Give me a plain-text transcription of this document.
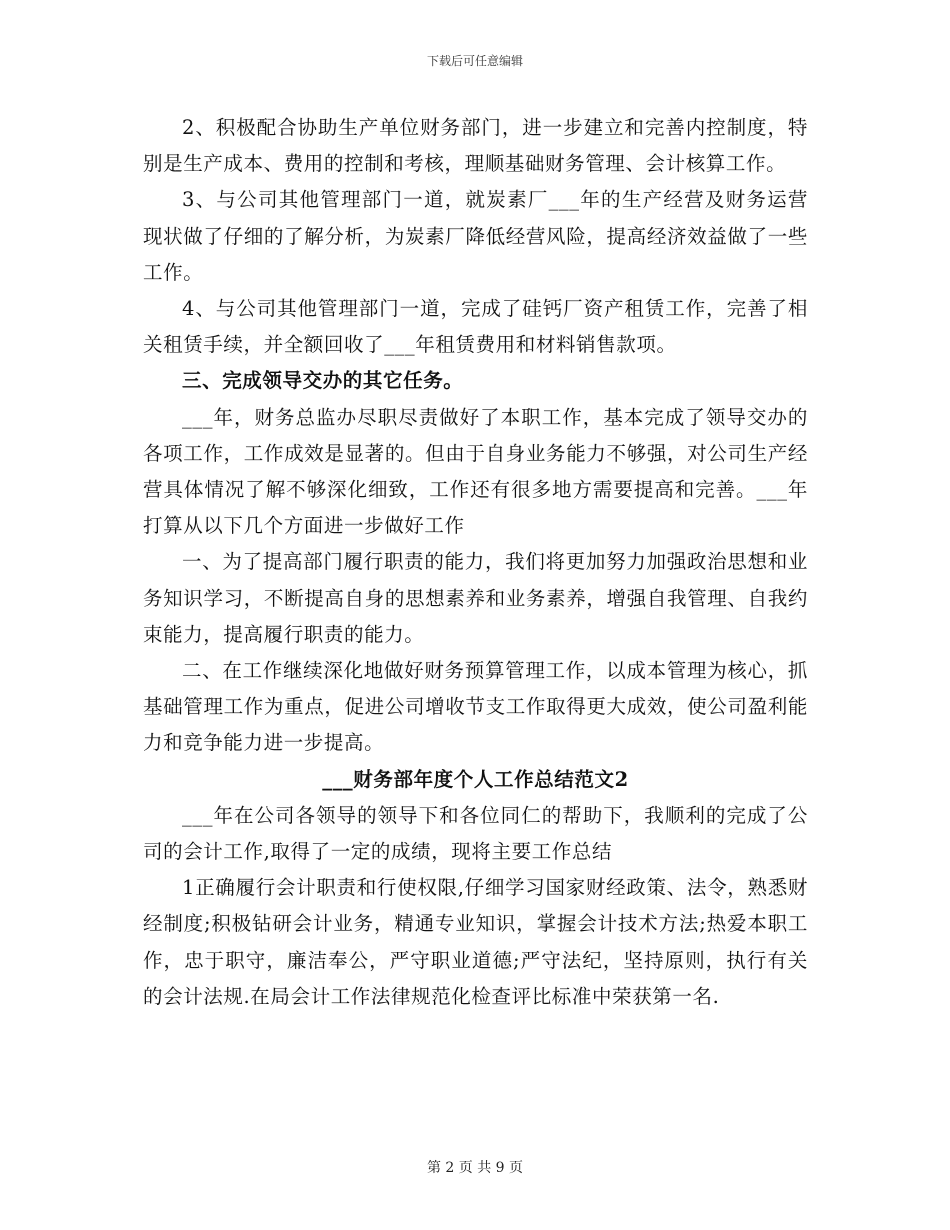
下载后可任意编辑

2、积极配合协助生产单位财务部门，进一步建立和完善内控制度，特别是生产成本、费用的控制和考核，理顺基础财务管理、会计核算工作。

3、与公司其他管理部门一道，就炭素厂___年的生产经营及财务运营现状做了仔细的了解分析，为炭素厂降低经营风险，提高经济效益做了一些工作。

4、与公司其他管理部门一道，完成了硅钙厂资产租赁工作，完善了相关租赁手续，并全额回收了___年租赁费用和材料销售款项。

三、完成领导交办的其它任务。

___年，财务总监办尽职尽责做好了本职工作，基本完成了领导交办的各项工作，工作成效是显著的。但由于自身业务能力不够强，对公司生产经营具体情况了解不够深化细致，工作还有很多地方需要提高和完善。___年打算从以下几个方面进一步做好工作

一、为了提高部门履行职责的能力，我们将更加努力加强政治思想和业务知识学习，不断提高自身的思想素养和业务素养，增强自我管理、自我约束能力，提高履行职责的能力。

二、在工作继续深化地做好财务预算管理工作，以成本管理为核心，抓基础管理工作为重点，促进公司增收节支工作取得更大成效，使公司盈利能力和竞争能力进一步提高。

___财务部年度个人工作总结范文2

___年在公司各领导的领导下和各位同仁的帮助下，我顺利的完成了公司的会计工作,取得了一定的成绩，现将主要工作总结

1正确履行会计职责和行使权限,仔细学习国家财经政策、法令，熟悉财经制度;积极钻研会计业务，精通专业知识，掌握会计技术方法;热爱本职工作，忠于职守，廉洁奉公，严守职业道德;严守法纪，坚持原则，执行有关的会计法规.在局会计工作法律规范化检查评比标准中荣获第一名.

第 2 页 共 9 页
